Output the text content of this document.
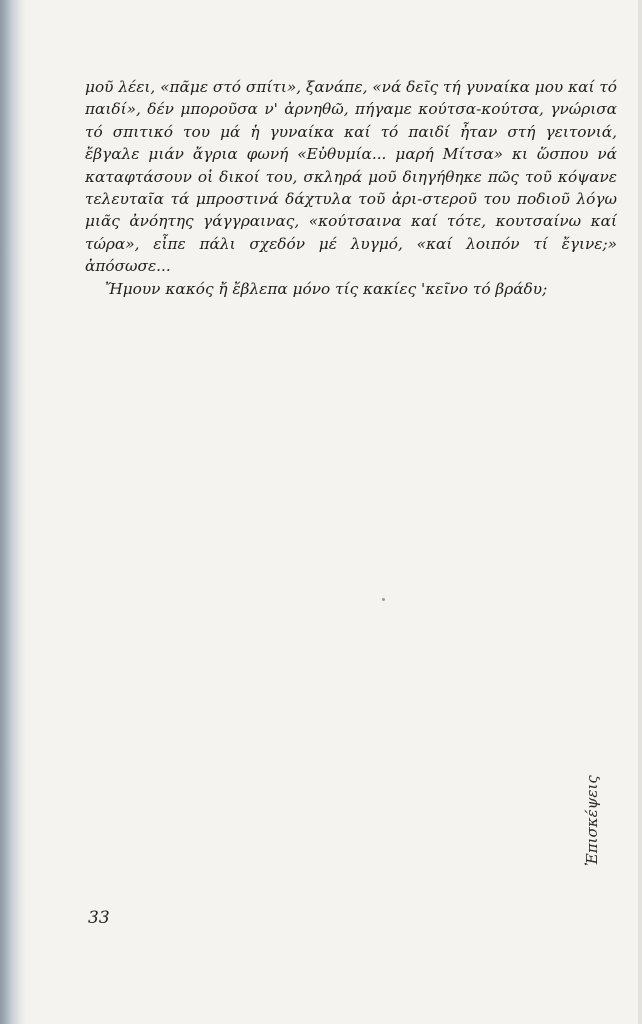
μοῦ λέει, «πᾶμε στό σπίτι», ξανάπε, «νά δεῖς τή γυναίκα μου καί τό παιδί», δέν μποροῦσα ν' ἀρνηθῶ, πήγαμε κούτσα-κούτσα, γνώρισα τό σπιτικό του μά ἡ γυναίκα καί τό παιδί ἦταν στή γειτονιά, ἔβγαλε μιάν ἄγρια φωνή «Εὐθυμία... μαρή Μίτσα» κι ὥσπου νά καταφτάσουν οἱ δικοί του, σκληρά μοῦ διηγήθηκε πῶς τοῦ κόψανε τελευταῖα τά μπροστινά δάχτυλα τοῦ ἀρι-στεροῦ του ποδιοῦ λόγω μιᾶς ἀνόητης γάγγραινας, «κούτσαινα καί τότε, κουτσαίνω καί τώρα», εἶπε πάλι σχεδόν μέ λυγμό, «καί λοιπόν τί ἔγινε;» ἀπόσωσε...

Ἤμουν κακός ἤ ἔβλεπα μόνο τίς κακίες 'κεῖνο τό βράδυ;

Ἐπισκέψεις
33
